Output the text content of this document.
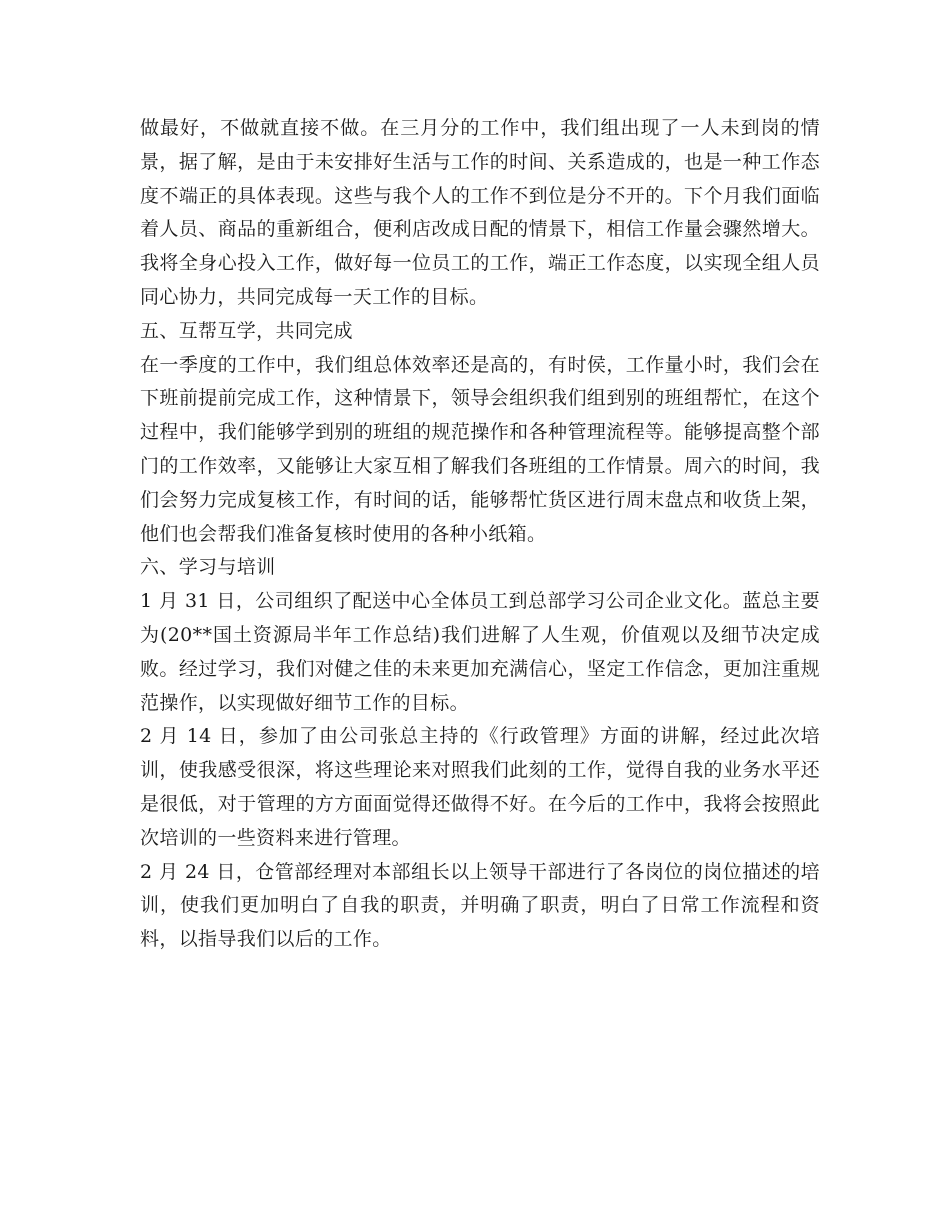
做最好，不做就直接不做。在三月分的工作中，我们组出现了一人未到岗的情景，据了解，是由于未安排好生活与工作的时间、关系造成的，也是一种工作态度不端正的具体表现。这些与我个人的工作不到位是分不开的。下个月我们面临着人员、商品的重新组合，便利店改成日配的情景下，相信工作量会骤然增大。我将全身心投入工作，做好每一位员工的工作，端正工作态度，以实现全组人员同心协力，共同完成每一天工作的目标。

五、互帮互学，共同完成

在一季度的工作中，我们组总体效率还是高的，有时侯，工作量小时，我们会在下班前提前完成工作，这种情景下，领导会组织我们组到别的班组帮忙，在这个过程中，我们能够学到别的班组的规范操作和各种管理流程等。能够提高整个部门的工作效率，又能够让大家互相了解我们各班组的工作情景。周六的时间，我们会努力完成复核工作，有时间的话，能够帮忙货区进行周末盘点和收货上架，他们也会帮我们准备复核时使用的各种小纸箱。

六、学习与培训

1 月 31 日，公司组织了配送中心全体员工到总部学习公司企业文化。蓝总主要为(20**国土资源局半年工作总结)我们进解了人生观，价值观以及细节决定成败。经过学习，我们对健之佳的未来更加充满信心，坚定工作信念，更加注重规范操作，以实现做好细节工作的目标。

2 月 14 日，参加了由公司张总主持的《行政管理》方面的讲解，经过此次培训，使我感受很深，将这些理论来对照我们此刻的工作，觉得自我的业务水平还是很低，对于管理的方方面面觉得还做得不好。在今后的工作中，我将会按照此次培训的一些资料来进行管理。

2 月 24 日，仓管部经理对本部组长以上领导干部进行了各岗位的岗位描述的培训，使我们更加明白了自我的职责，并明确了职责，明白了日常工作流程和资料，以指导我们以后的工作。
